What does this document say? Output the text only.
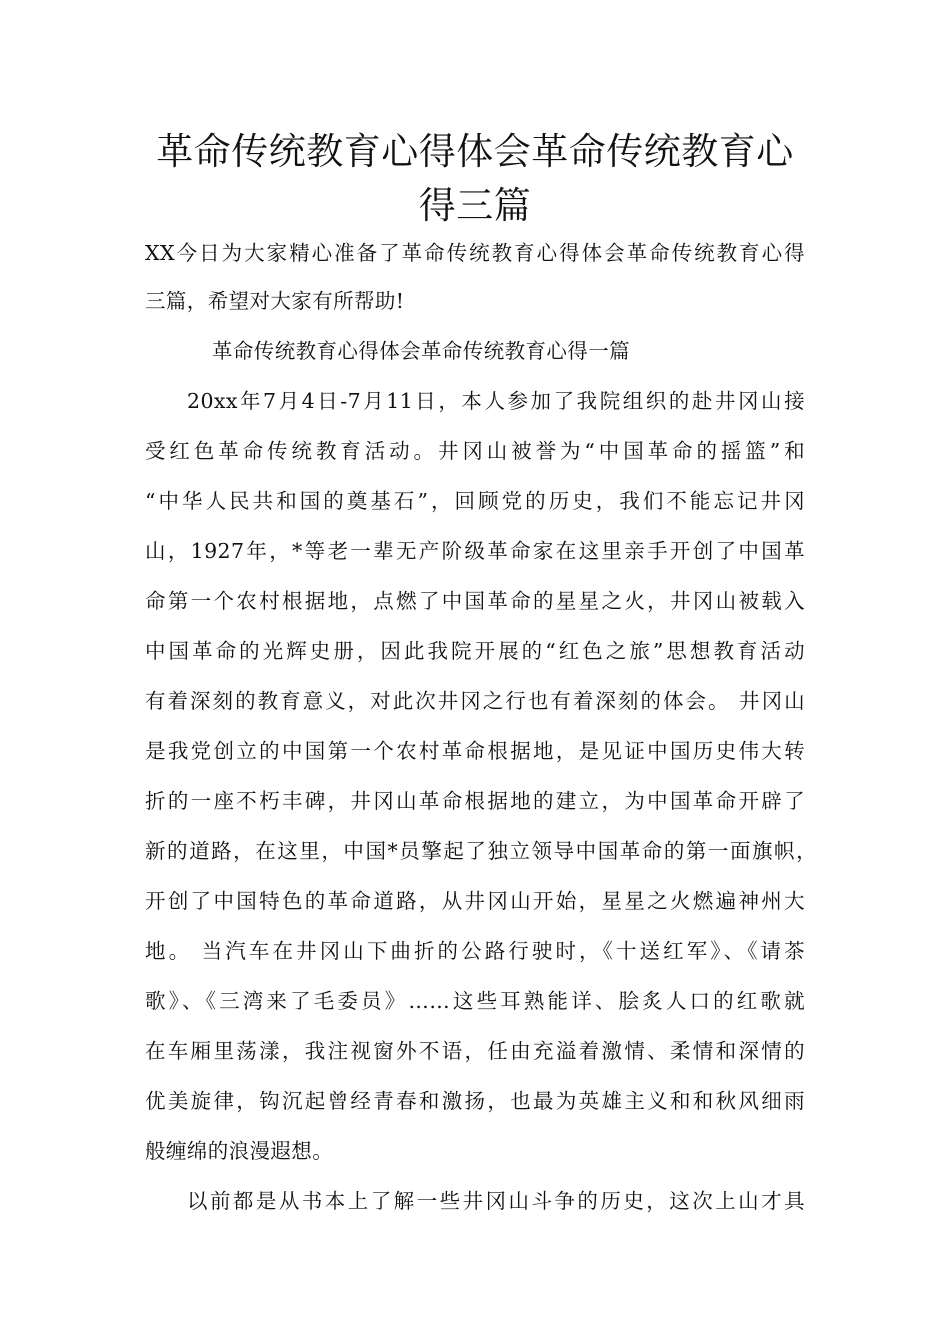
革命传统教育心得体会革命传统教育心
得三篇
XX今日为大家精心准备了革命传统教育心得体会革命传统教育心得
三篇，希望对大家有所帮助!
革命传统教育心得体会革命传统教育心得一篇
20xx年7月4日-7月11日，本人参加了我院组织的赴井冈山接
受红色革命传统教育活动。井冈山被誉为“中国革命的摇篮”和
“中华人民共和国的奠基石”，回顾党的历史，我们不能忘记井冈
山，1927年，*等老一辈无产阶级革命家在这里亲手开创了中国革
命第一个农村根据地，点燃了中国革命的星星之火，井冈山被载入
中国革命的光辉史册，因此我院开展的“红色之旅”思想教育活动
有着深刻的教育意义，对此次井冈之行也有着深刻的体会。 井冈山
是我党创立的中国第一个农村革命根据地，是见证中国历史伟大转
折的一座不朽丰碑，井冈山革命根据地的建立，为中国革命开辟了
新的道路，在这里，中国*员擎起了独立领导中国革命的第一面旗帜，
开创了中国特色的革命道路，从井冈山开始，星星之火燃遍神州大
地。 当汽车在井冈山下曲折的公路行驶时，《十送红军》、《请茶
歌》、《三湾来了毛委员》……这些耳熟能详、脍炙人口的红歌就
在车厢里荡漾，我注视窗外不语，任由充溢着激情、柔情和深情的
优美旋律，钩沉起曾经青春和激扬，也最为英雄主义和和秋风细雨
般缠绵的浪漫遐想。
以前都是从书本上了解一些井冈山斗争的历史，这次上山才具
